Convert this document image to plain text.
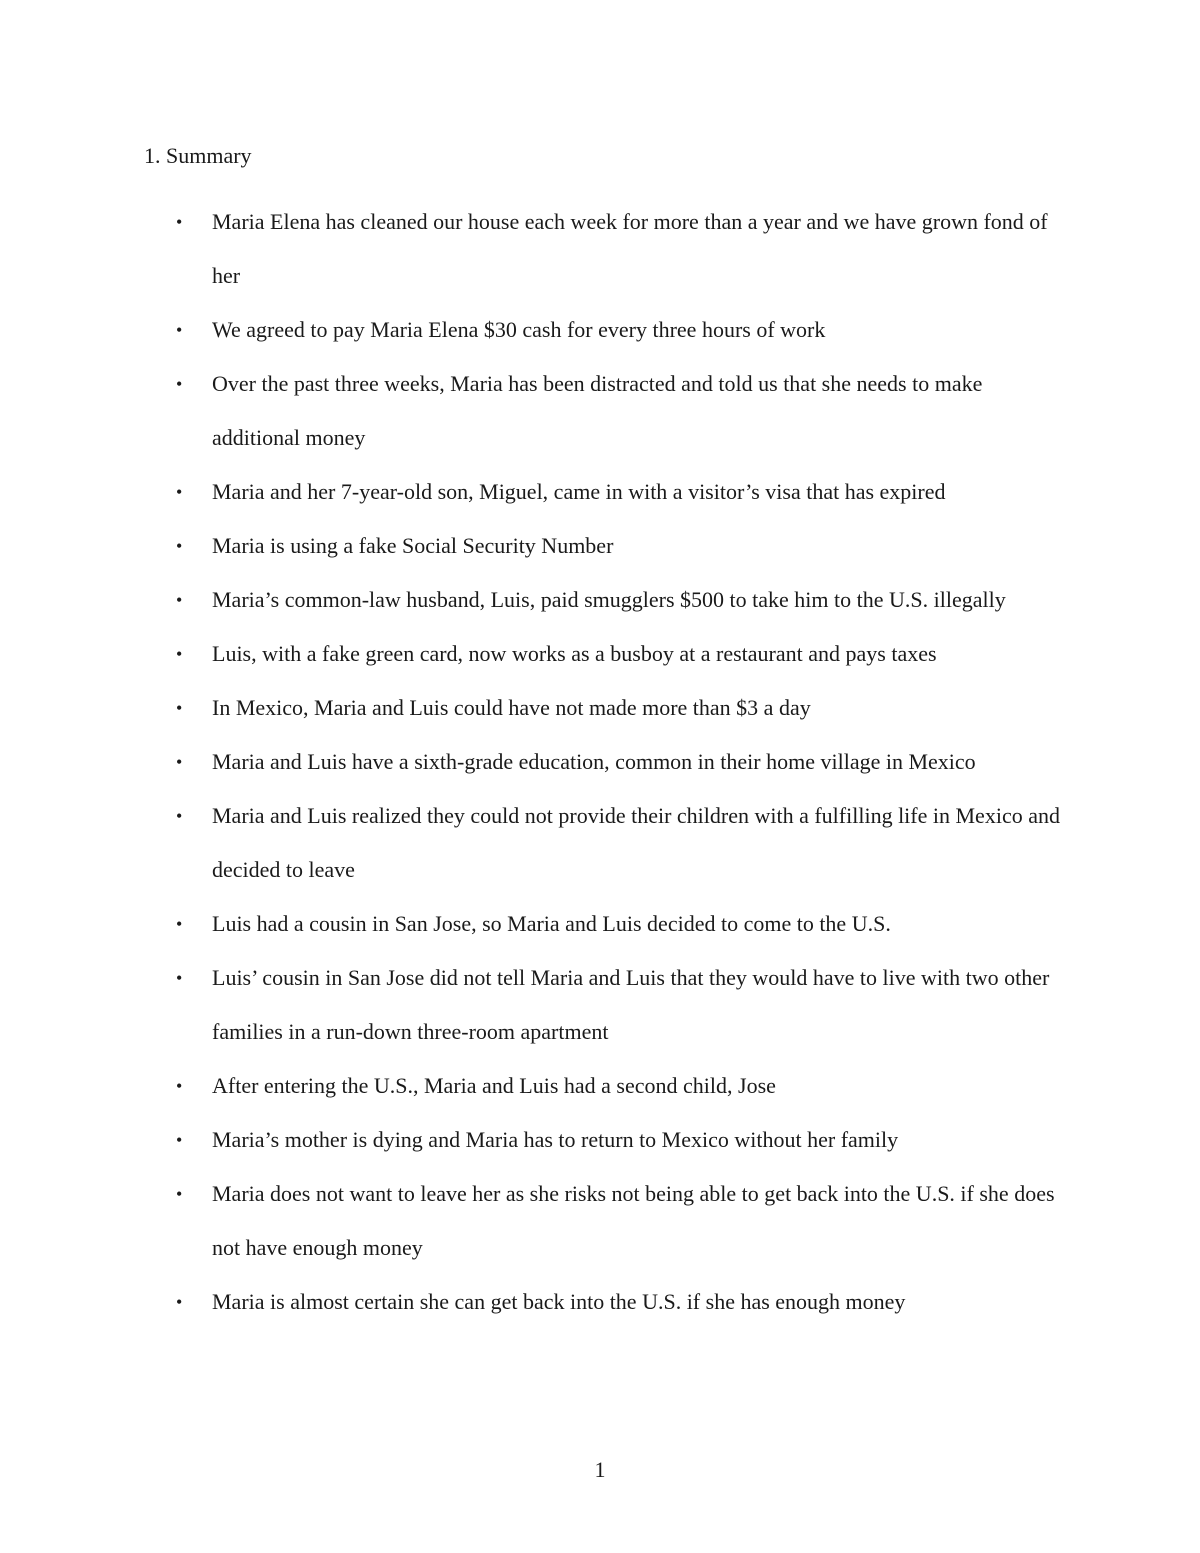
1. Summary
• Maria Elena has cleaned our house each week for more than a year and we have grown fond of her
• We agreed to pay Maria Elena $30 cash for every three hours of work
• Over the past three weeks, Maria has been distracted and told us that she needs to make additional money
• Maria and her 7-year-old son, Miguel, came in with a visitor’s visa that has expired
• Maria is using a fake Social Security Number
• Maria’s common-law husband, Luis, paid smugglers $500 to take him to the U.S. illegally
• Luis, with a fake green card, now works as a busboy at a restaurant and pays taxes
• In Mexico, Maria and Luis could have not made more than $3 a day
• Maria and Luis have a sixth-grade education, common in their home village in Mexico
• Maria and Luis realized they could not provide their children with a fulfilling life in Mexico and decided to leave
• Luis had a cousin in San Jose, so Maria and Luis decided to come to the U.S.
• Luis’ cousin in San Jose did not tell Maria and Luis that they would have to live with two other families in a run-down three-room apartment
• After entering the U.S., Maria and Luis had a second child, Jose
• Maria’s mother is dying and Maria has to return to Mexico without her family
• Maria does not want to leave her as she risks not being able to get back into the U.S. if she does not have enough money
• Maria is almost certain she can get back into the U.S. if she has enough money
1
